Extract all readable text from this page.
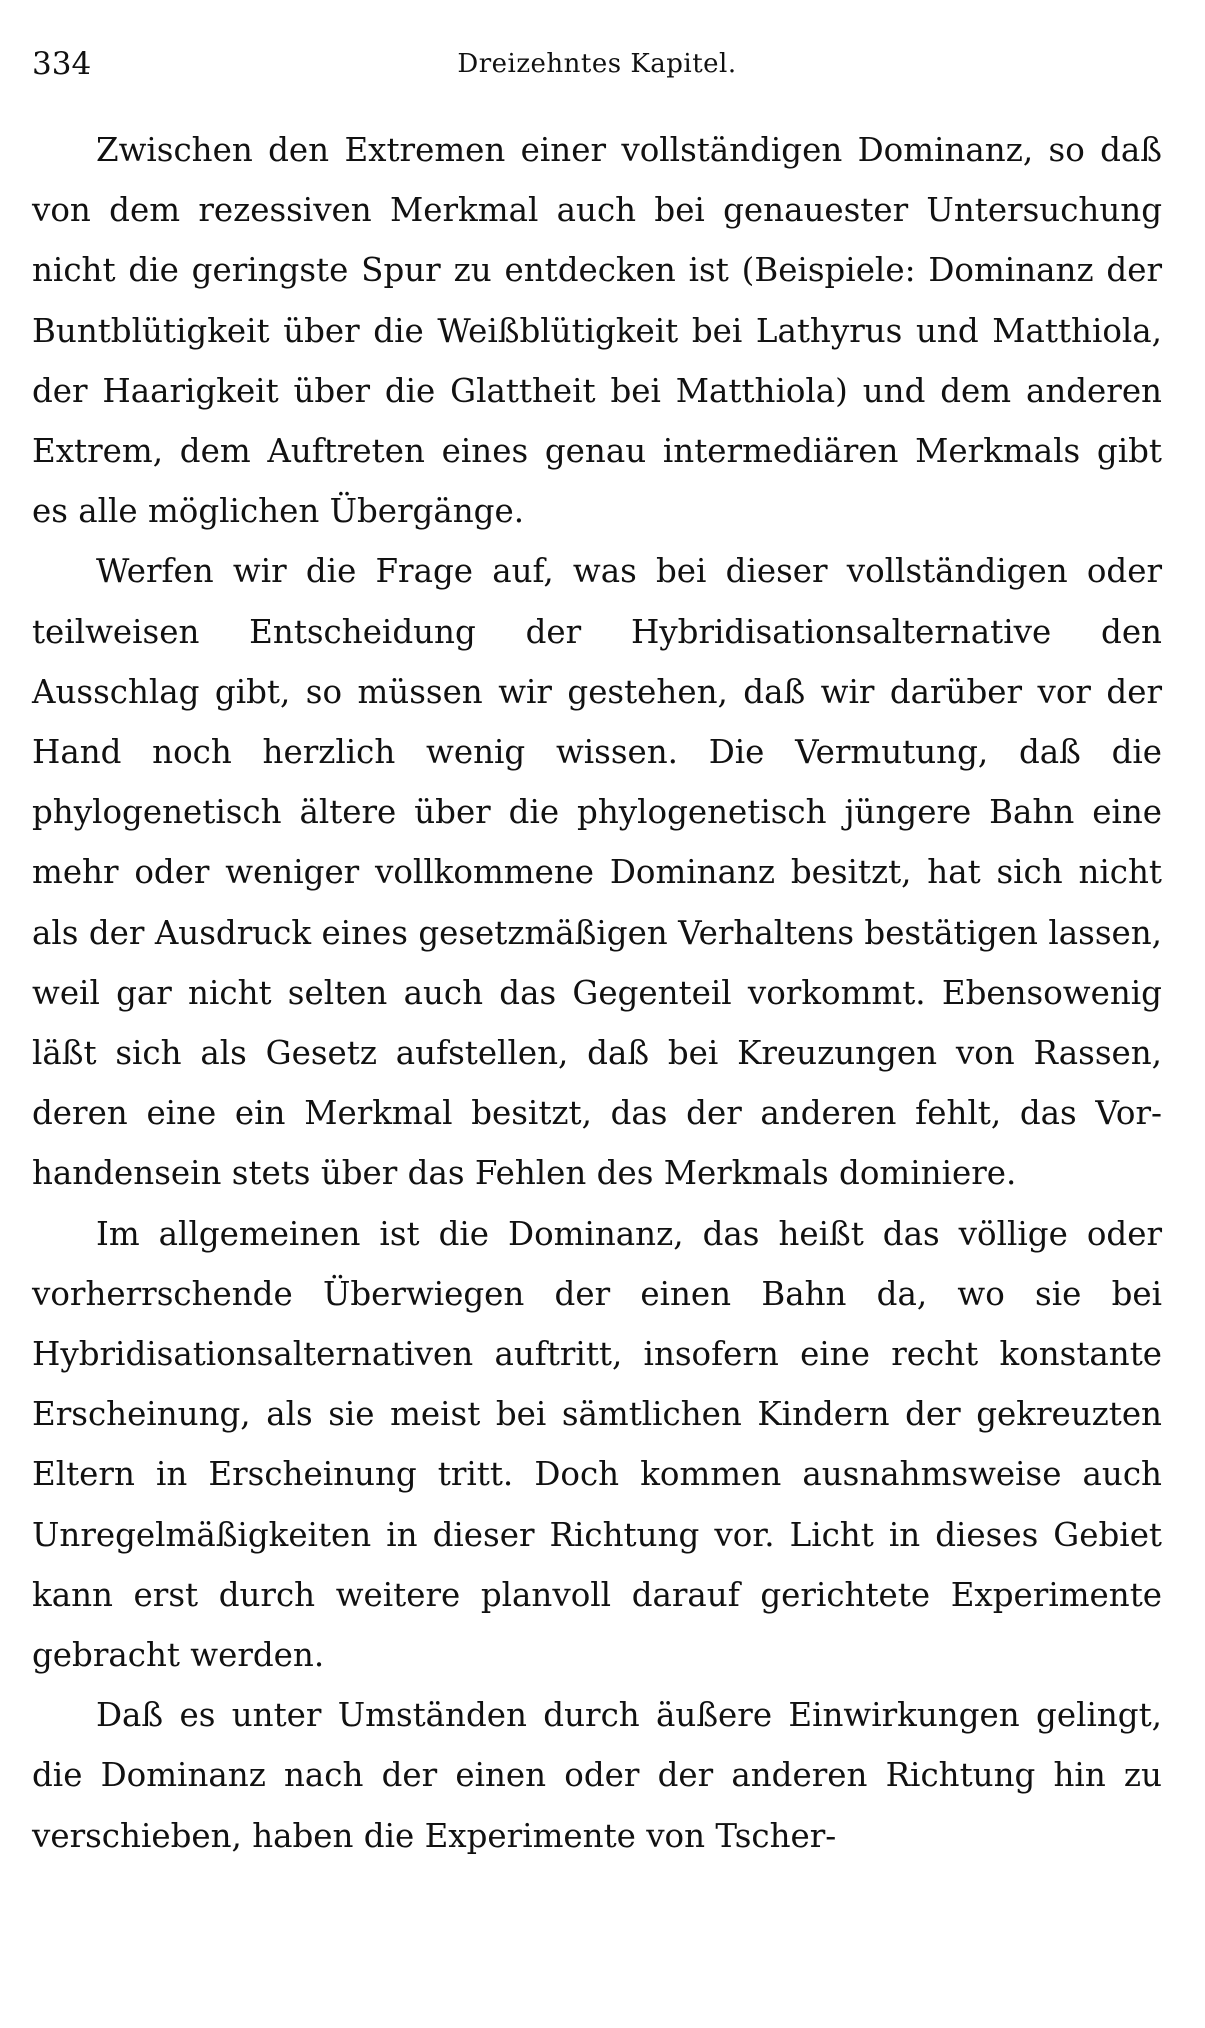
334	Dreizehntes Kapitel.

Zwischen den Extremen einer vollständigen Dominanz, so daß von dem rezessiven Merkmal auch bei genauester Untersuchung nicht die geringste Spur zu entdecken ist (Beispiele: Dominanz der Buntblütigkeit über die Weißblütigkeit bei Lathyrus und Matthiola, der Haarigkeit über die Glattheit bei Matthiola) und dem anderen Extrem, dem Auftreten eines genau intermediären Merkmals gibt es alle möglichen Übergänge.

Werfen wir die Frage auf, was bei dieser vollständigen oder teilweisen Entscheidung der Hybridisationsalternative den Ausschlag gibt, so müssen wir gestehen, daß wir darüber vor der Hand noch herzlich wenig wissen. Die Vermutung, daß die phylogenetisch ältere über die phylogenetisch jüngere Bahn eine mehr oder weniger vollkommene Dominanz besitzt, hat sich nicht als der Ausdruck eines gesetzmäßigen Verhaltens bestätigen lassen, weil gar nicht selten auch das Gegenteil vorkommt. Ebensowenig läßt sich als Gesetz aufstellen, daß bei Kreuzungen von Rassen, deren eine ein Merkmal besitzt, das der anderen fehlt, das Vorhandensein stets über das Fehlen des Merkmals dominiere.

Im allgemeinen ist die Dominanz, das heißt das völlige oder vorherrschende Überwiegen der einen Bahn da, wo sie bei Hybridisationsalternativen auftritt, insofern eine recht konstante Erscheinung, als sie meist bei sämtlichen Kindern der gekreuzten Eltern in Erscheinung tritt. Doch kommen ausnahmsweise auch Unregelmäßigkeiten in dieser Richtung vor. Licht in dieses Gebiet kann erst durch weitere planvoll darauf gerichtete Experimente gebracht werden.

Daß es unter Umständen durch äußere Einwirkungen gelingt, die Dominanz nach der einen oder der anderen Richtung hin zu verschieben, haben die Experimente von Tscher-
